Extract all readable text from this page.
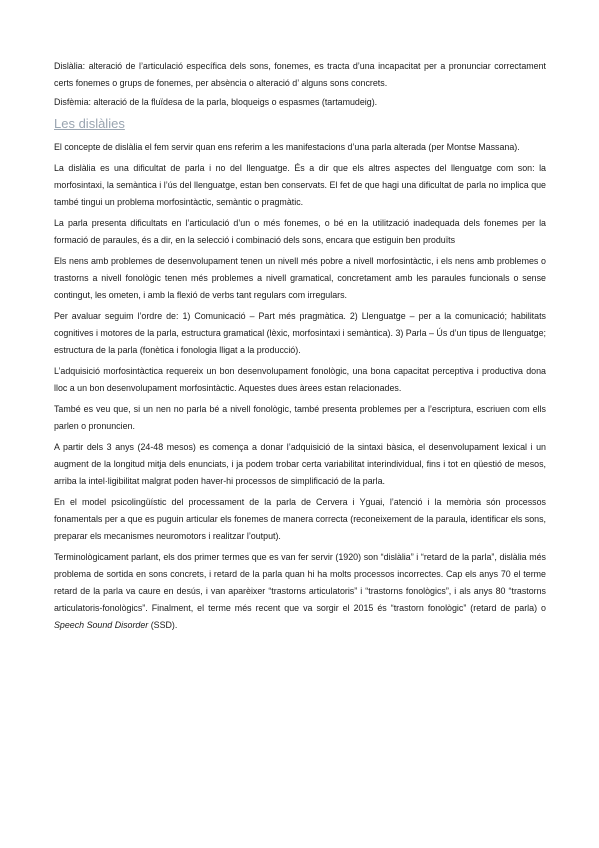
Dislàlia: alteració de l’articulació específica dels sons, fonemes, es tracta d’una incapacitat per a pronunciar correctament certs fonemes o grups de fonemes, per absència o alteració d’ alguns sons concrets.

Disfèmia: alteració de la fluïdesa de la parla, bloqueigs o espasmes (tartamudeig).

Les dislàlies

El concepte de dislàlia el fem servir quan ens referim a les manifestacions d’una parla alterada (per Montse Massana).

La dislàlia es una dificultat de parla i no del llenguatge. És a dir que els altres aspectes del llenguatge com son: la morfosintaxi, la semàntica i l’ús del llenguatge, estan ben conservats. El fet de que hagi una dificultat de parla no implica que també tingui un problema morfosintàctic, semàntic o pragmàtic.

La parla presenta dificultats en l’articulació d’un o més fonemes, o bé en la utilització inadequada dels fonemes per la formació de paraules, és a dir, en la selecció i combinació dels sons, encara que estiguin ben produïts

Els nens amb problemes de desenvolupament tenen un nivell més pobre a nivell morfosintàctic, i els nens amb problemes o trastorns a nivell fonològic tenen més problemes a nivell gramatical, concretament amb les paraules funcionals o sense contingut, les ometen, i amb la flexió de verbs tant regulars com irregulars.

Per avaluar seguim l’ordre de: 1) Comunicació – Part més pragmàtica. 2) Llenguatge – per a la comunicació; habilitats cognitives i motores de la parla, estructura gramatical (lèxic, morfosintaxi i semàntica). 3) Parla – Ús d’un tipus de llenguatge; estructura de la parla (fonètica i fonologia lligat a la producció).

L’adquisició morfosintàctica requereix un bon desenvolupament fonològic, una bona capacitat perceptiva i productiva dona lloc a un bon desenvolupament morfosintàctic. Aquestes dues àrees estan relacionades.

També es veu que, si un nen no parla bé a nivell fonològic, també presenta problemes per a l’escriptura, escriuen com ells parlen o pronuncien.

A partir dels 3 anys (24-48 mesos) es comença a donar l’adquisició de la sintaxi bàsica, el desenvolupament lexical i un augment de la longitud mitja dels enunciats, i ja podem trobar certa variabilitat interindividual, fins i tot en qüestió de mesos, arriba la intel·ligibilitat malgrat poden haver-hi processos de simplificació de la parla.

En el model psicolingüístic del processament de la parla de Cervera i Yguai, l’atenció i la memòria són processos fonamentals per a que es puguin articular els fonemes de manera correcta (reconeixement de la paraula, identificar els sons, preparar els mecanismes neuromotors i realitzar l’output).

Terminològicament parlant, els dos primer termes que es van fer servir (1920) son “dislàlia” i “retard de la parla”, dislàlia més problema de sortida en sons concrets, i retard de la parla quan hi ha molts processos incorrectes. Cap els anys 70 el terme retard de la parla va caure en desús, i van aparèixer “trastorns articulatoris” i “trastorns fonològics”, i als anys 80 “trastorns articulatoris-fonològics”. Finalment, el terme més recent que va sorgir el 2015 és “trastorn fonològic” (retard de parla) o Speech Sound Disorder (SSD).
